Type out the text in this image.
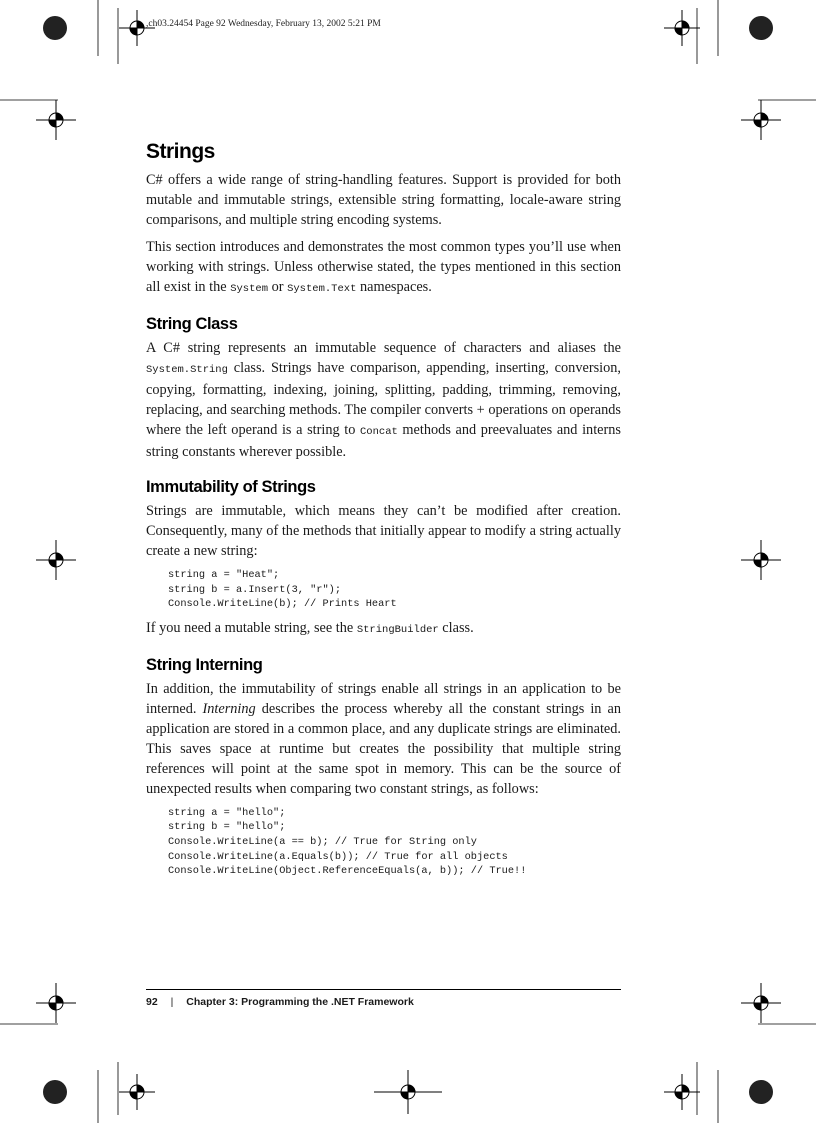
,ch03.24454 Page 92 Wednesday, February 13, 2002 5:21 PM
Strings

C# offers a wide range of string-handling features. Support is provided for both mutable and immutable strings, extensible string formatting, locale-aware string comparisons, and multiple string encoding systems.

This section introduces and demonstrates the most common types you’ll use when working with strings. Unless otherwise stated, the types mentioned in this section all exist in the System or System.Text namespaces.

String Class

A C# string represents an immutable sequence of characters and aliases the System.String class. Strings have comparison, appending, inserting, conversion, copying, formatting, indexing, joining, splitting, padding, trimming, removing, replacing, and searching methods. The compiler converts + operations on operands where the left operand is a string to Concat methods and preevaluates and interns string constants wherever possible.

Immutability of Strings

Strings are immutable, which means they can’t be modified after creation. Consequently, many of the methods that initially appear to modify a string actually create a new string:

string a = "Heat";
string b = a.Insert(3, "r");
Console.WriteLine(b); // Prints Heart

If you need a mutable string, see the StringBuilder class.

String Interning

In addition, the immutability of strings enable all strings in an application to be interned. Interning describes the process whereby all the constant strings in an application are stored in a common place, and any duplicate strings are eliminated. This saves space at runtime but creates the possibility that multiple string references will point at the same spot in memory. This can be the source of unexpected results when comparing two constant strings, as follows:

string a = "hello";
string b = "hello";
Console.WriteLine(a == b); // True for String only
Console.WriteLine(a.Equals(b)); // True for all objects
Console.WriteLine(Object.ReferenceEquals(a, b)); // True!!
92 | Chapter 3: Programming the .NET Framework
